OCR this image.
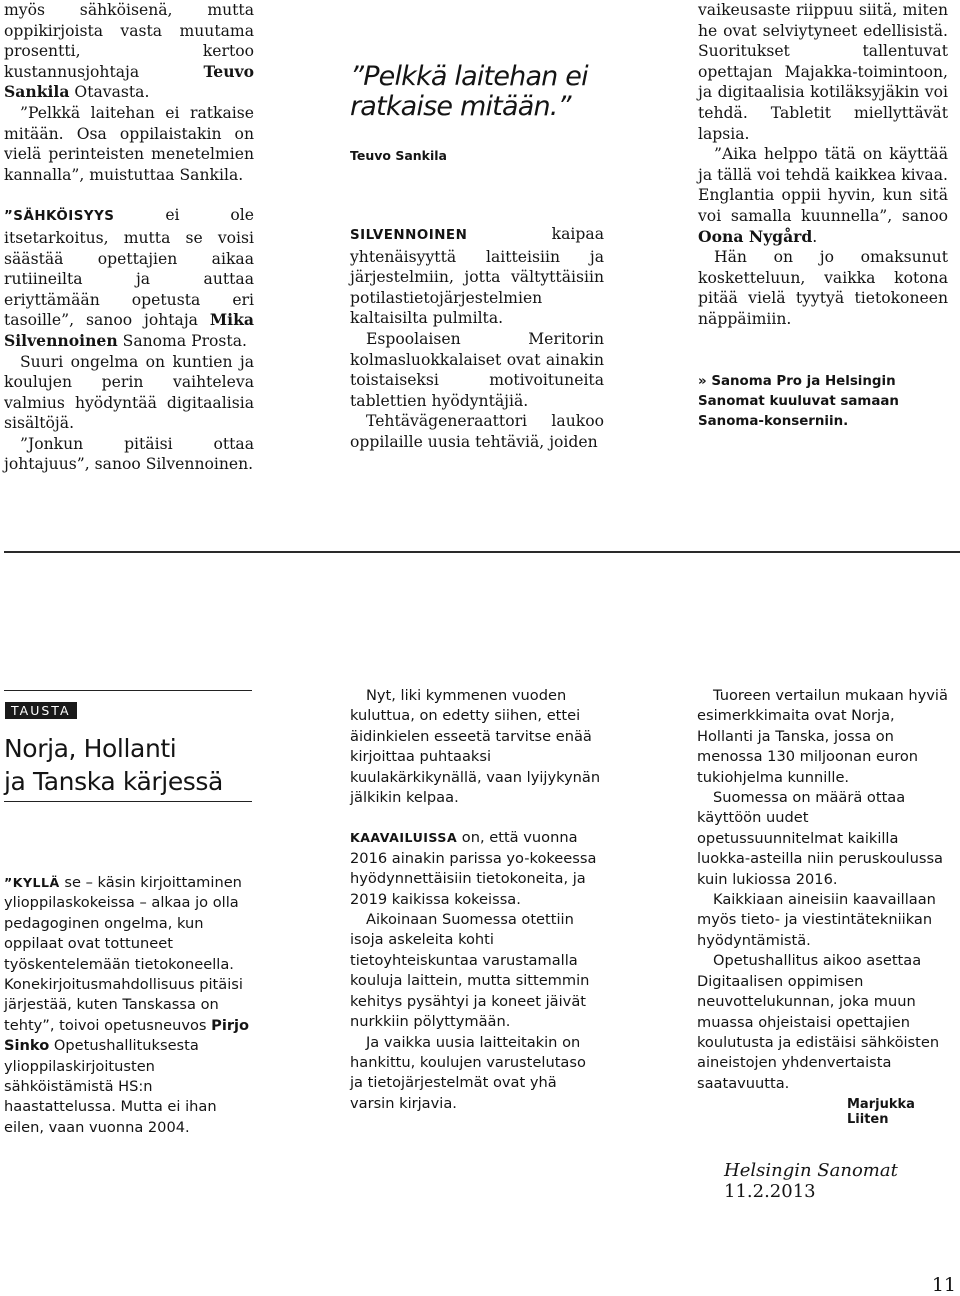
myös sähköisenä, mutta oppikirjoista vasta muutama prosentti, kertoo kustannusjohtaja Teuvo Sankila Otavasta.

”Pelkkä laitehan ei ratkaise mitään. Osa oppilaistakin on vielä perinteisten menetelmien kannalla”, muistuttaa Sankila.

”SÄHKÖISYYS ei ole itsetarkoitus, mutta se voisi säästää opettajien aikaa rutiineilta ja auttaa eriyttämään opetusta eri tasoille”, sanoo johtaja Mika Silvennoinen Sanoma Prosta.

Suuri ongelma on kuntien ja koulujen perin vaihteleva valmius hyödyntää digitaalisia sisältöjä.

”Jonkun pitäisi ottaa johtajuus”, sanoo Silvennoinen.

”Pelkkä laitehan ei ratkaise mitään.”
Teuvo Sankila

SILVENNOINEN kaipaa yhtenäisyyttä laitteisiin ja järjestelmiin, jotta vältyttäisiin potilastietojärjestelmien kaltaisilta pulmilta.

Espoolaisen Meritorin kolmasluokkalaiset ovat ainakin toistaiseksi motivoituneita tablettien hyödyntäjiä.

Tehtävägeneraattori laukoo oppilaille uusia tehtäviä, joiden

vaikeusaste riippuu siitä, miten he ovat selviytyneet edellisistä. Suoritukset tallentuvat opettajan Majakka-toimintoon, ja digitaalisia kotiläksyjäkin voi tehdä. Tabletit miellyttävät lapsia.

”Aika helppo tätä on käyttää ja tällä voi tehdä kaikkea kivaa. Englantia oppii hyvin, kun sitä voi samalla kuunnella”, sanoo Oona Nygård.

Hän on jo omaksunut kosketteluun, vaikka kotona pitää vielä tyytyä tietokoneen näppäimiin.

» Sanoma Pro ja Helsingin Sanomat kuuluvat samaan Sanoma-konserniin.
TAUSTA
Norja, Hollanti
ja Tanska kärjessä

”KYLLÄ se – käsin kirjoittaminen ylioppilaskokeissa – alkaa jo olla pedagoginen ongelma, kun oppilaat ovat tottuneet työskentelemään tietokoneella. Konekirjoitusmahdollisuus pitäisi järjestää, kuten Tanskassa on tehty”, toivoi opetusneuvos Pirjo Sinko Opetushallituksesta ylioppilaskirjoitusten sähköistämistä HS:n haastattelussa. Mutta ei ihan eilen, vaan vuonna 2004.

Nyt, liki kymmenen vuoden kuluttua, on edetty siihen, ettei äidinkielen esseetä tarvitse enää kirjoittaa puhtaaksi kuulakärkikynällä, vaan lyijykynän jälkikin kelpaa.

KAAVAILUISSA on, että vuonna 2016 ainakin parissa yo-kokeessa hyödynnettäisiin tietokoneita, ja 2019 kaikissa kokeissa.

Aikoinaan Suomessa otettiin isoja askeleita kohti tietoyhteiskuntaa varustamalla kouluja laittein, mutta sittemmin kehitys pysähtyi ja koneet jäivät nurkkiin pölyttymään.

Ja vaikka uusia laitteitakin on hankittu, koulujen varustelutaso ja tietojärjestelmät ovat yhä varsin kirjavia.

Tuoreen vertailun mukaan hyviä esimerkkimaita ovat Norja, Hollanti ja Tanska, jossa on menossa 130 miljoonan euron tukiohjelma kunnille.

Suomessa on määrä ottaa käyttöön uudet opetussuunnitelmat kaikilla luokka-asteilla niin peruskoulussa kuin lukiossa 2016.

Kaikkiaan aineisiin kaavaillaan myös tieto- ja viestintätekniikan hyödyntämistä.

Opetushallitus aikoo asettaa Digitaalisen oppimisen neuvottelukunnan, joka muun muassa ohjeistaisi opettajien koulutusta ja edistäisi sähköisten aineistojen yhdenvertaista saatavuutta.

Marjukka Liiten
Helsingin Sanomat 11.2.2013
11
